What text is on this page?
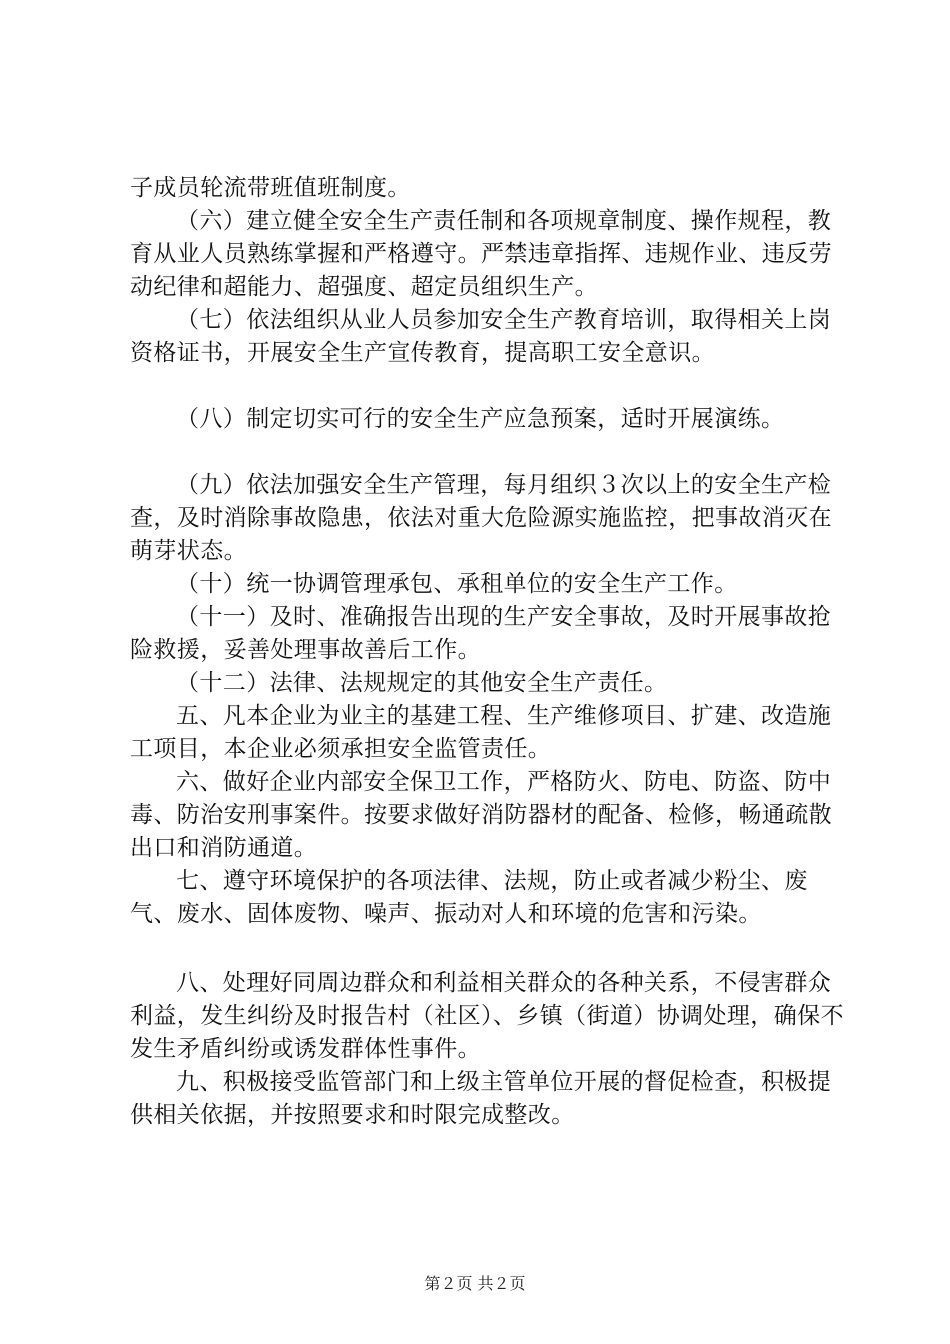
子成员轮流带班值班制度。

（六）建立健全安全生产责任制和各项规章制度、操作规程，教育从业人员熟练掌握和严格遵守。严禁违章指挥、违规作业、违反劳动纪律和超能力、超强度、超定员组织生产。

（七）依法组织从业人员参加安全生产教育培训，取得相关上岗资格证书，开展安全生产宣传教育，提高职工安全意识。

（八）制定切实可行的安全生产应急预案，适时开展演练。

（九）依法加强安全生产管理，每月组织３次以上的安全生产检查，及时消除事故隐患，依法对重大危险源实施监控，把事故消灭在萌芽状态。

（十）统一协调管理承包、承租单位的安全生产工作。

（十一）及时、准确报告出现的生产安全事故，及时开展事故抢险救援，妥善处理事故善后工作。

（十二）法律、法规规定的其他安全生产责任。

五、凡本企业为业主的基建工程、生产维修项目、扩建、改造施工项目，本企业必须承担安全监管责任。

六、做好企业内部安全保卫工作，严格防火、防电、防盗、防中毒、防治安刑事案件。按要求做好消防器材的配备、检修，畅通疏散出口和消防通道。

七、遵守环境保护的各项法律、法规，防止或者减少粉尘、废气、废水、固体废物、噪声、振动对人和环境的危害和污染。

八、处理好同周边群众和利益相关群众的各种关系，不侵害群众利益，发生纠纷及时报告村（社区）、乡镇（街道）协调处理，确保不发生矛盾纠纷或诱发群体性事件。

九、积极接受监管部门和上级主管单位开展的督促检查，积极提供相关依据，并按照要求和时限完成整改。

第２页 共２页
